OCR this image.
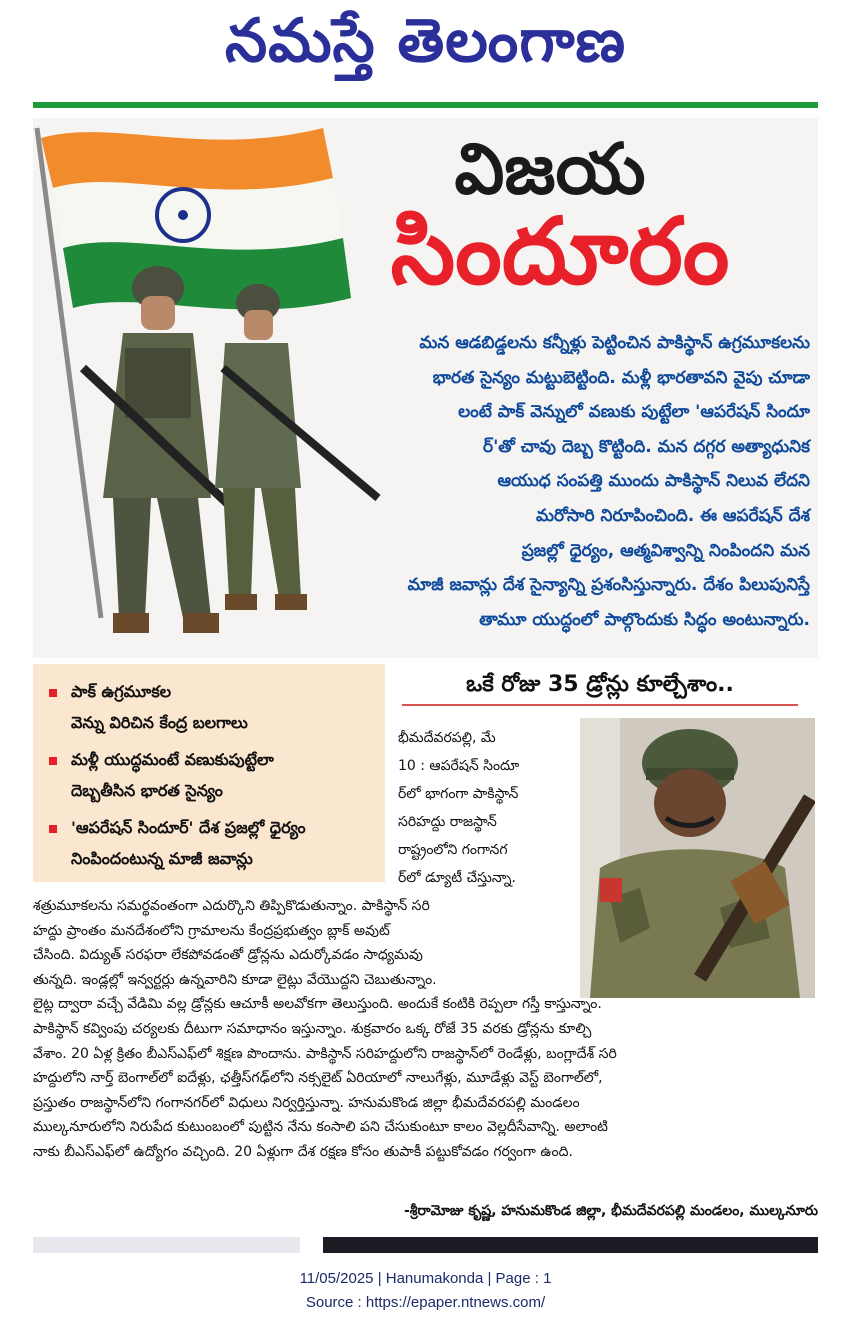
నమస్తే తెలంగాణ
విజయ
సిందూరం
మన ఆడబిడ్డలను కన్నీళ్లు పెట్టించిన పాకిస్థాన్ ఉగ్రమూకలను
భారత సైన్యం మట్టుబెట్టింది. మళ్లీ భారతావని వైపు చూడా
లంటే పాక్ వెన్నులో వణుకు పుట్టేలా 'ఆపరేషన్ సిందూ
ర్'తో చావు దెబ్బ కొట్టింది. మన దగ్గర అత్యాధునిక
ఆయుధ సంపత్తి ముందు పాకిస్థాన్ నిలువ లేదని
మరోసారి నిరూపించింది. ఈ ఆపరేషన్ దేశ
ప్రజల్లో ధైర్యం, ఆత్మవిశ్వాన్ని నింపిందని మన
మాజీ జవాన్లు దేశ సైన్యాన్ని ప్రశంసిస్తున్నారు. దేశం పిలుపునిస్తే
తామూ యుద్ధంలో పాల్గొందుకు సిద్ధం అంటున్నారు.
పాక్ ఉగ్రమూకల
వెన్ను విరిచిన కేంద్ర బలగాలు
మళ్లీ యుద్ధమంటే వణుకుపుట్టేలా
దెబ్బతీసిన భారత సైన్యం
'ఆపరేషన్ సిందూర్' దేశ ప్రజల్లో ధైర్యం
నింపిందంటున్న మాజీ జవాన్లు
ఒకే రోజు 35 డ్రోన్లు కూల్చేశాం..
భీమదేవరపల్లి, మే
10 : ఆపరేషన్ సిందూ
ర్‌లో భాగంగా పాకిస్థాన్
సరిహద్దు రాజస్థాన్
రాష్ట్రంలోని గంగానగ
ర్‌లో డ్యూటీ చేస్తున్నా.
శత్రుమూకలను సమర్థవంతంగా ఎదుర్కొని తిప్పికొడుతున్నాం. పాకిస్థాన్ సరి
హద్దు ప్రాంతం మనదేశంలోని గ్రామాలను కేంద్రప్రభుత్వం బ్లాక్ అవుట్
చేసింది. విద్యుత్ సరఫరా లేకపోవడంతో డ్రోన్లను ఎదుర్కోవడం సాధ్యమవు
తున్నది. ఇండ్లల్లో ఇన్వర్టర్లు ఉన్నవారిని కూడా లైట్లు వేయొద్దని చెబుతున్నాం.
లైట్ల ద్వారా వచ్చే వేడిమి వల్ల డ్రోన్లకు ఆచూకీ అలవోకగా తెలుస్తుంది. అందుకే కంటికి రెప్పలా గస్తీ కాస్తున్నాం.
పాకిస్థాన్ కవ్వింపు చర్యలకు దీటుగా సమాధానం ఇస్తున్నాం. శుక్రవారం ఒక్క రోజే 35 వరకు డ్రోన్లను కూల్చి
వేశాం. 20 ఏళ్ల క్రితం బీఎస్ఎఫ్‌లో శిక్షణ పొందాను. పాకిస్థాన్ సరిహద్దులోని రాజస్థాన్‌లో రెండేళ్లు, బంగ్లాదేశ్ సరి
హద్దులోని నార్త్ బెంగాల్‌లో ఐదేళ్లు, ఛత్తీస్‌గఢ్‌లోని నక్సలైట్ ఏరియాలో నాలుగేళ్లు, మూడేళ్లు వెస్ట్ బెంగాల్‌లో,
ప్రస్తుతం రాజస్థాన్‌లోని గంగానగర్‌లో విధులు నిర్వర్తిస్తున్నా. హనుమకొండ జిల్లా భీమదేవరపల్లి మండలం
ముల్కనూరులోని నిరుపేద కుటుంబంలో పుట్టిన నేను కంసాలి పని చేసుకుంటూ కాలం వెల్లదీసేవాన్ని. అలాంటి
నాకు బీఎస్ఎఫ్‌లో ఉద్యోగం వచ్చింది. 20 ఏళ్లుగా దేశ రక్షణ కోసం తుపాకీ పట్టుకోవడం గర్వంగా ఉంది.
-శ్రీరామోజు కృష్ణ, హనుమకొండ జిల్లా, భీమదేవరపల్లి మండలం, ముల్కనూరు
11/05/2025 | Hanumakonda | Page : 1
Source : https://epaper.ntnews.com/
